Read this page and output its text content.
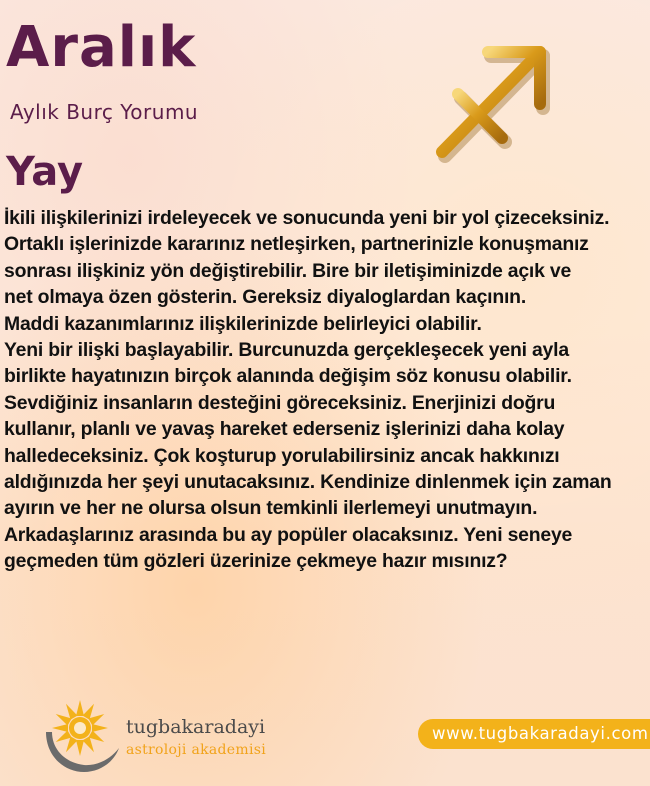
Aralık
Aylık Burç Yorumu
Yay

İkili ilişkilerinizi irdeleyecek ve sonucunda yeni bir yol çizeceksiniz.

Ortaklı işlerinizde kararınız netleşirken, partnerinizle konuşmanız

sonrası ilişkiniz yön değiştirebilir. Bire bir iletişiminizde açık ve

net olmaya özen gösterin. Gereksiz diyaloglardan kaçının.

Maddi kazanımlarınız ilişkilerinizde belirleyici olabilir.

Yeni bir ilişki başlayabilir. Burcunuzda gerçekleşecek yeni ayla

birlikte hayatınızın birçok alanında değişim söz konusu olabilir.

Sevdiğiniz insanların desteğini göreceksiniz. Enerjinizi doğru

kullanır, planlı ve yavaş hareket ederseniz işlerinizi daha kolay

halledeceksiniz. Çok koşturup yorulabilirsiniz ancak hakkınızı

aldığınızda her şeyi unutacaksınız. Kendinize dinlenmek için zaman

ayırın ve her ne olursa olsun temkinli ilerlemeyi unutmayın.

Arkadaşlarınız arasında bu ay popüler olacaksınız. Yeni seneye

geçmeden tüm gözleri üzerinize çekmeye hazır mısınız?

tugbakaradayi
astroloji akademisi
www.tugbakaradayi.com
